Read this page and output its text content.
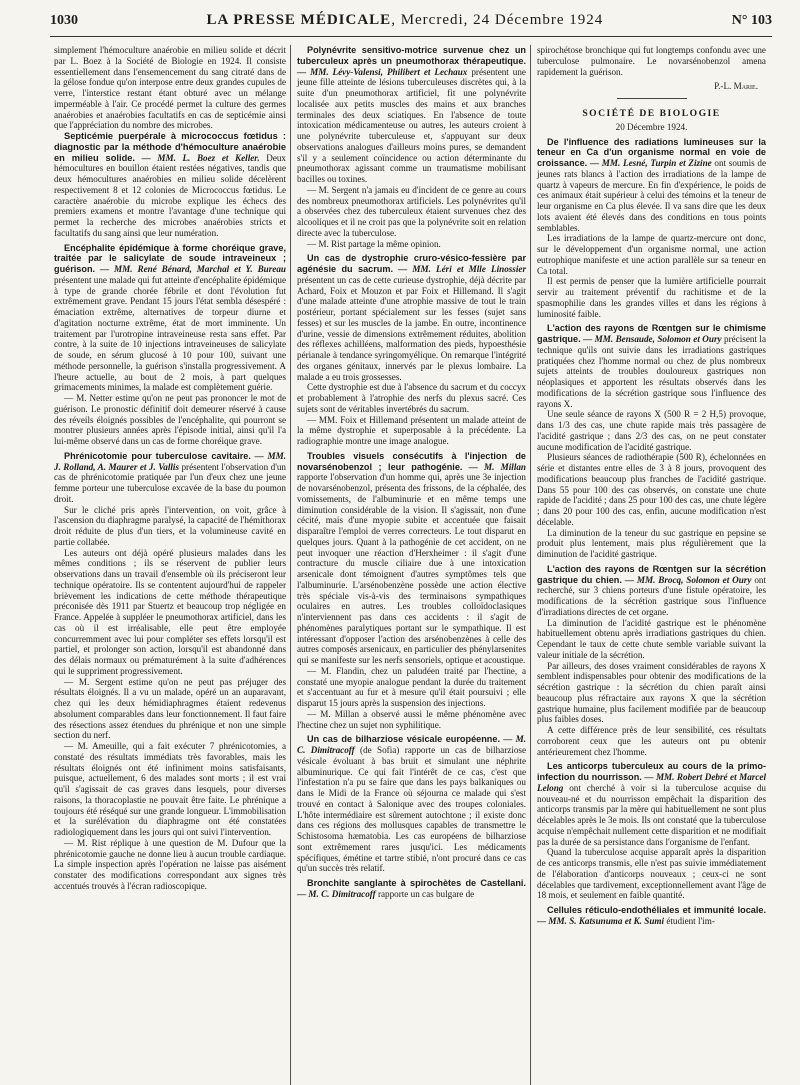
1030	LA PRESSE MÉDICALE, Mercredi, 24 Décembre 1924	N° 103

simplement l'hémoculture anaérobie en milieu solide et décrit par L. Boez à la Société de Biologie en 1924. Il consiste essentiellement dans l'ensemencement du sang citraté dans de la gélose fondue qu'on interpose entre deux grandes cupules de verre, l'interstice restant étant obturé avec un mélange imperméable à l'air. Ce procédé permet la culture des germes anaérobies et anaérobies facultatifs en cas de septicémie ainsi que l'appréciation du nombre des microbes.

Septicémie puerpérale à micrococcus fœtidus : diagnostic par la méthode d'hémoculture anaérobie en milieu solide. — MM. L. Boez et Keller. Deux hémocultures en bouillon étaient restées négatives, tandis que deux hémocultures anaérobies en milieu solide décelèrent respectivement 8 et 12 colonies de Micrococcus fœtidus. Le caractère anaérobie du microbe explique les échecs des premiers examens et montre l'avantage d'une technique qui permet la recherche des microbes anaérobies stricts et facultatifs du sang ainsi que leur numération.

Encéphalite épidémique à forme choréique grave, traitée par le salicylate de soude intraveineux ; guérison. — MM. René Bénard, Marchal et Y. Bureau présentent une malade qui fut atteinte d'encéphalite épidémique à type de grande chorée fébrile et dont l'évolution fut extrêmement grave. Pendant 15 jours l'état sembla désespéré : émaciation extrême, alternatives de torpeur diurne et d'agitation nocturne extrême, état de mort imminente. Un traitement par l'urotropine intraveineuse resta sans effet. Par contre, à la suite de 10 injections intraveineuses de salicylate de soude, en sérum glucosé à 10 pour 100, suivant une méthode personnelle, la guérison s'installa progressivement. A l'heure actuelle, au bout de 2 mois, à part quelques grimacements minimes, la malade est complètement guérie.

— M. Netter estime qu'on ne peut pas prononcer le mot de guérison. Le pronostic définitif doit demeurer réservé à cause des réveils éloignés possibles de l'encéphalite, qui pourront se montrer plusieurs années après l'épisode initial, ainsi qu'il l'a lui-même observé dans un cas de forme choréique grave.

Phrénicotomie pour tuberculose cavitaire. — MM. J. Rolland, A. Maurer et J. Vallis présentent l'observation d'un cas de phrénicotomie pratiquée par l'un d'eux chez une jeune femme porteur une tuberculose excavée de la base du poumon droit.

Sur le cliché pris après l'intervention, on voit, grâce à l'ascension du diaphragme paralysé, la capacité de l'hémithorax droit réduite de plus d'un tiers, et la volumineuse cavité en partie collabée.

Les auteurs ont déjà opéré plusieurs malades dans les mêmes conditions ; ils se réservent de publier leurs observations dans un travail d'ensemble où ils préciseront leur technique opératoire. Ils se contentent aujourd'hui de rappeler brièvement les indications de cette méthode thérapeutique préconisée dès 1911 par Stuertz et beaucoup trop négligée en France. Appelée à suppléer le pneumothorax artificiel, dans les cas où il est irréalisable, elle peut être employée concurremment avec lui pour compléter ses effets lorsqu'il est partiel, et prolonger son action, lorsqu'il est abandonné dans des délais normaux ou prématurément à la suite d'adhérences qui le suppriment progressivement.

— M. Sergent estime qu'on ne peut pas préjuger des résultats éloignés. Il a vu un malade, opéré un an auparavant, chez qui les deux hémidiaphragmes étaient redevenus absolument comparables dans leur fonctionnement. Il faut faire des résections assez étendues du phrénique et non une simple section du nerf.

— M. Ameuille, qui a fait exécuter 7 phrénicotomies, a constaté des résultats immédiats très favorables, mais les résultats éloignés ont été infiniment moins satisfaisants, puisque, actuellement, 6 des malades sont morts ; il est vrai qu'il s'agissait de cas graves dans lesquels, pour diverses raisons, la thoracoplastie ne pouvait être faite. Le phrénique a toujours été réséqué sur une grande longueur. L'immobilisation et la surélévation du diaphragme ont été constatées radiologiquement dans les jours qui ont suivi l'intervention.

— M. Rist réplique à une question de M. Dufour que la phrénicotomie gauche ne donne lieu à aucun trouble cardiaque. La simple inspection après l'opération ne laisse pas aisément constater des modifications correspondant aux signes très accentués trouvés à l'écran radioscopique.

Polynévrite sensitivo-motrice survenue chez un tuberculeux après un pneumothorax thérapeutique. — MM. Lévy-Valensi, Philibert et Lechaux présentent une jeune fille atteinte de lésions tuberculeuses discrètes qui, à la suite d'un pneumothorax artificiel, fit une polynévrite localisée aux petits muscles des mains et aux branches terminales des deux sciatiques. En l'absence de toute intoxication médicamenteuse ou autres, les auteurs croient à une polynévrite tuberculeuse et, s'appuyant sur deux observations analogues d'ailleurs moins pures, se demandent s'il y a seulement coïncidence ou action déterminante du pneumothorax agissant comme un traumatisme mobilisant bacilles ou toxines.

— M. Sergent n'a jamais eu d'incident de ce genre au cours des nombreux pneumothorax artificiels. Les polynévrites qu'il a observées chez des tuberculeux étaient survenues chez des alcooliques et il ne croit pas que la polynévrite soit en relation directe avec la tuberculose.

— M. Rist partage la même opinion.

Un cas de dystrophie cruro-vésico-fessière par agénésie du sacrum. — MM. Léri et Mlle Linossier présentent un cas de cette curieuse dystrophie, déjà décrite par Achard, Foix et Mouzon et par Foix et Hillemand. Il s'agit d'une malade atteinte d'une atrophie massive de tout le train postérieur, portant spécialement sur les fesses (sujet sans fesses) et sur les muscles de la jambe. En outre, incontinence d'urine, vessie de dimensions extrêmement réduites, abolition des réflexes achilléens, malformation des pieds, hypoesthésie périanale à tendance syringomyélique. On remarque l'intégrité des organes génitaux, innervés par le plexus lombaire. La malade a eu trois grossesses.

Cette dystrophie est due à l'absence du sacrum et du coccyx et probablement à l'atrophie des nerfs du plexus sacré. Ces sujets sont de véritables invertébrés du sacrum.

— MM. Foix et Hillemand présentent un malade atteint de la même dystrophie et superposable à la précédente. La radiographie montre une image analogue.

Troubles visuels consécutifs à l'injection de novarsénobenzol ; leur pathogénie. — M. Millan rapporte l'observation d'un homme qui, après une 3e injection de novarsénobenzol, présenta des frissons, de la céphalée, des vomissements, de l'albuminurie et en même temps une diminution considérable de la vision. Il s'agissait, non d'une cécité, mais d'une myopie subite et accentuée que faisait disparaître l'emploi de verres correcteurs. Le tout disparut en quelques jours. Quant à la pathogénie de cet accident, on ne peut invoquer une réaction d'Herxheimer : il s'agit d'une contracture du muscle ciliaire due à une intoxication arsenicale dont témoignent d'autres symptômes tels que l'albuminurie. L'arsénobenzène possède une action élective très spéciale vis-à-vis des terminaisons sympathiques oculaires en autres. Les troubles colloïdoclasiques n'interviennent pas dans ces accidents : il s'agit de phénomènes paralytiques portant sur le sympathique. Il est intéressant d'opposer l'action des arsénobenzènes à celle des autres composés arsenicaux, en particulier des phénylarsenites qui se manifeste sur les nerfs sensoriels, optique et acoustique.

— M. Flandin, chez un paludéen traité par l'hectine, a constaté une myopie analogue pendant la durée du traitement et s'accentuant au fur et à mesure qu'il était poursuivi ; elle disparut 15 jours après la suspension des injections.

— M. Millan a observé aussi le même phénomène avec l'hectine chez un sujet non syphilitique.

Un cas de bilharziose vésicale européenne. — M. C. Dimitracoff (de Sofia) rapporte un cas de bilharziose vésicale évoluant à bas bruit et simulant une néphrite albuminurique. Ce qui fait l'intérêt de ce cas, c'est que l'infestation n'a pu se faire que dans les pays balkaniques ou dans le Midi de la France où séjourna ce malade qui s'est trouvé en contact à Salonique avec des troupes coloniales. L'hôte intermédiaire est sûrement autochtone ; il existe donc dans ces régions des mollusques capables de transmettre le Schistosoma hæmatobia. Les cas européens de bilharziose sont extrêmement rares jusqu'ici. Les médicaments spécifiques, émétine et tartre stibié, n'ont procuré dans ce cas qu'un succès très relatif.

Bronchite sanglante à spirochètes de Castellani. — M. C. Dimitracoff rapporte un cas bulgare de

spirochétose bronchique qui fut longtemps confondu avec une tuberculose pulmonaire. Le novarsénobenzol amena rapidement la guérison.

P.-L. Marie.
SOCIÉTÉ DE BIOLOGIE
20 Décembre 1924.

De l'influence des radiations lumineuses sur la teneur en Ca d'un organisme normal en voie de croissance. — MM. Lesné, Turpin et Zizine ont soumis de jeunes rats blancs à l'action des irradiations de la lampe de quartz à vapeurs de mercure. En fin d'expérience, le poids de ces animaux était supérieur à celui des témoins et la teneur de leur organisme en Ca plus élevée. Il va sans dire que les deux lots avaient été élevés dans des conditions en tous points semblables.

Les irradiations de la lampe de quartz-mercure ont donc, sur le développement d'un organisme normal, une action eutrophique manifeste et une action parallèle sur sa teneur en Ca total.

Il est permis de penser que la lumière artificielle pourrait servir au traitement préventif du rachitisme et de la spasmophilie dans les grandes villes et dans les régions à luminosité faible.

L'action des rayons de Rœntgen sur le chimisme gastrique. — MM. Bensaude, Solomon et Oury précisent la technique qu'ils ont suivie dans les irradiations gastriques pratiquées chez l'homme normal ou chez de plus nombreux sujets atteints de troubles douloureux gastriques non néoplasiques et apportent les résultats observés dans les modifications de la sécrétion gastrique sous l'influence des rayons X.

Une seule séance de rayons X (500 R = 2 H,5) provoque, dans 1/3 des cas, une chute rapide mais très passagère de l'acidité gastrique ; dans 2/3 des cas, on ne peut constater aucune modification de l'acidité gastrique.

Plusieurs séances de radiothérapie (500 R), échelonnées en série et distantes entre elles de 3 à 8 jours, provoquent des modifications beaucoup plus franches de l'acidité gastrique. Dans 55 pour 100 des cas observés, on constate une chute rapide de l'acidité ; dans 25 pour 100 des cas, une chute légère ; dans 20 pour 100 des cas, enfin, aucune modification n'est décelable.

La diminution de la teneur du suc gastrique en pepsine se produit plus lentement, mais plus régulièrement que la diminution de l'acidité gastrique.

L'action des rayons de Rœntgen sur la sécrétion gastrique du chien. — MM. Brocq, Solomon et Oury ont recherché, sur 3 chiens porteurs d'une fistule opératoire, les modifications de la sécrétion gastrique sous l'influence d'irradiations directes de cet organe.

La diminution de l'acidité gastrique est le phénomène habituellement obtenu après irradiations gastriques du chien. Cependant le taux de cette chute semble variable suivant la valeur initiale de la sécrétion.

Par ailleurs, des doses vraiment considérables de rayons X semblent indispensables pour obtenir des modifications de la sécrétion gastrique : la sécrétion du chien paraît ainsi beaucoup plus réfractaire aux rayons X que la sécrétion gastrique humaine, plus facilement modifiée par de beaucoup plus faibles doses.

A cette différence près de leur sensibilité, ces résultats corroborent ceux que les auteurs ont pu obtenir antérieurement chez l'homme.

Les anticorps tuberculeux au cours de la primo-infection du nourrisson. — MM. Robert Debré et Marcel Lelong ont cherché à voir si la tuberculose acquise du nouveau-né et du nourrisson empêchait la disparition des anticorps transmis par la mère qui habituellement ne sont plus décelables après le 3e mois. Ils ont constaté que la tuberculose acquise n'empêchait nullement cette disparition et ne modifiait pas la durée de sa persistance dans l'organisme de l'enfant.

Quand la tuberculose acquise apparaît après la disparition de ces anticorps transmis, elle n'est pas suivie immédiatement de l'élaboration d'anticorps nouveaux ; ceux-ci ne sont décelables que tardivement, exceptionnellement avant l'âge de 18 mois, et seulement en faible quantité.

Cellules réticulo-endothéliales et immunité locale. — MM. S. Katsunuma et K. Sumi étudient l'im-
